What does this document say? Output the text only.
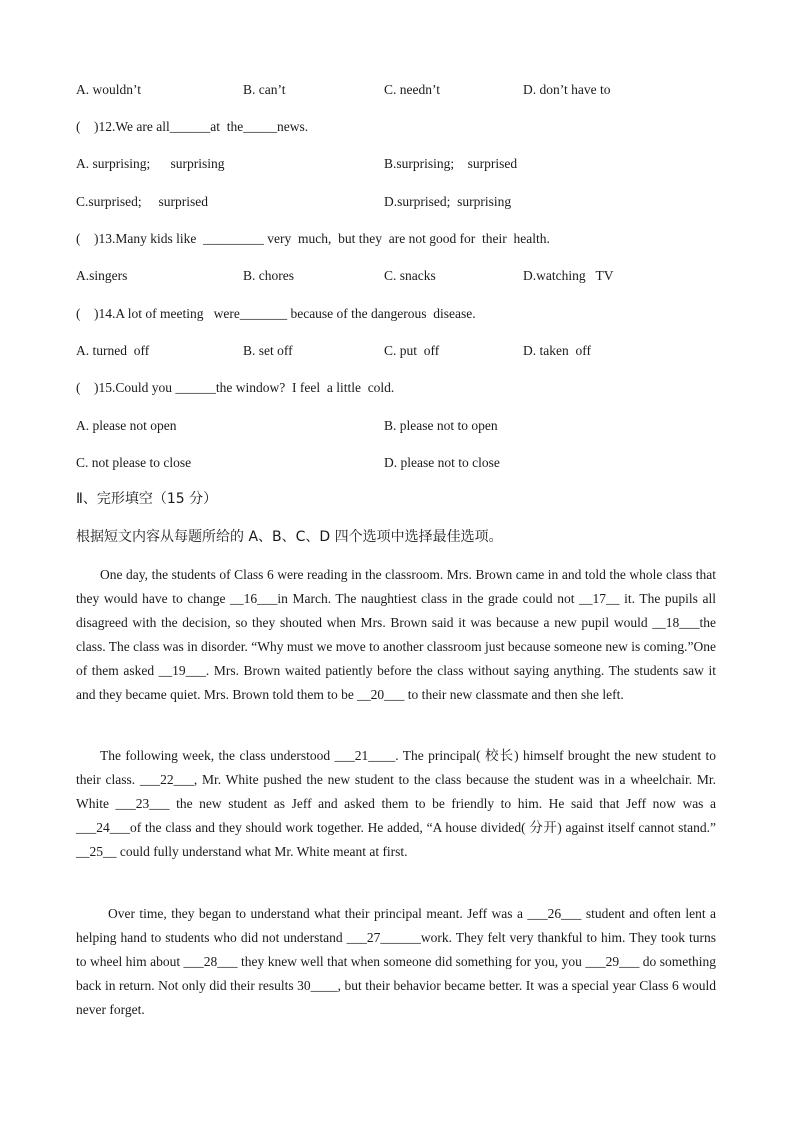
A. wouldn’t	B. can’t	C. needn’t	D. don’t have to
(    )12.We are all______at  the_____news.
A. surprising;      surprising	B.surprising;    surprised
C.surprised;     surprised	D.surprised;  surprising
(    )13.Many kids like  _________ very  much,  but they  are not good for  their  health.
A.singers	B. chores	C. snacks	D.watching   TV
(    )14.A lot of meeting   were_______ because of the dangerous  disease.
A. turned  off	B. set off	C. put  off	D. taken  off
(    )15.Could you ______the window?  I feel  a little  cold.
A. please not open	B. please not to open
C. not please to close	D. please not to close
Ⅱ、完形填空（15 分）
根据短文内容从每题所给的 A、B、C、D 四个选项中选择最佳选项。
One day, the students of Class 6 were reading in the classroom. Mrs. Brown came in and told the whole class that they would have to change __16___in March. The naughtiest class in the grade could not __17__ it. The pupils all disagreed with the decision, so they shouted when Mrs. Brown said it was because a new pupil would __18___the class. The class was in disorder. “Why must we move to another classroom just because someone new is coming.”One of them asked __19___. Mrs. Brown waited patiently before the class without saying anything. The students saw it and they became quiet. Mrs. Brown told them to be __20___ to their new classmate and then she left.
The following week, the class understood ___21____. The principal( 校长) himself brought the new student to their class. ___22___, Mr. White pushed the new student to the class because the student was in a wheelchair. Mr. White ___23___ the new student as Jeff and asked them to be friendly to him. He said that Jeff now was a ___24___of the class and they should work together. He added, “A house divided( 分开) against itself cannot stand.” __25__ could fully understand what Mr. White meant at first.
Over time, they began to understand what their principal meant. Jeff was a ___26___ student and often lent a helping hand to students who did not understand ___27______work. They felt very thankful to him. They took turns to wheel him about ___28___ they knew well that when someone did something for you, you ___29___ do something back in return. Not only did their results 30____, but their behavior became better. It was a special year Class 6 would never forget.
